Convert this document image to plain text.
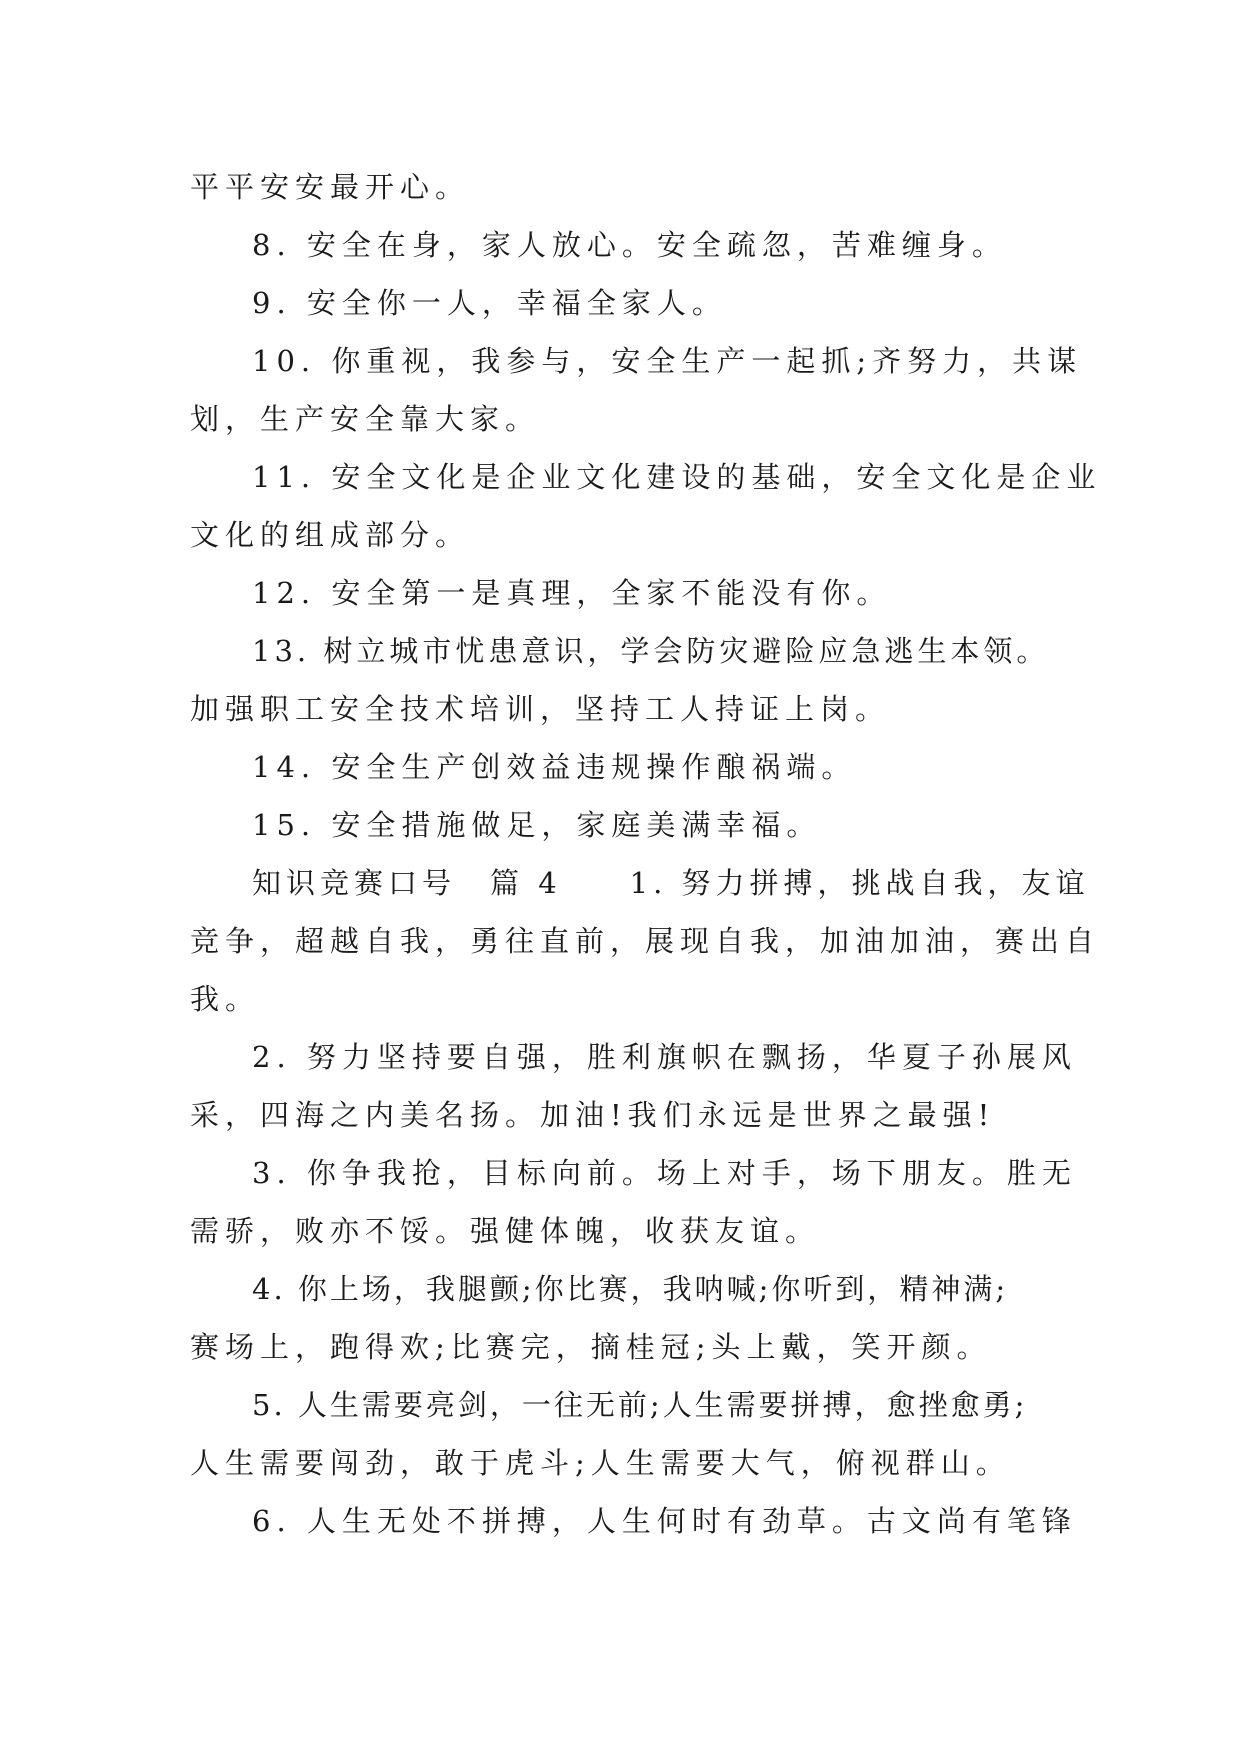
平平安安最开心。
8. 安全在身，家人放心。安全疏忽，苦难缠身。
9. 安全你一人，幸福全家人。
10. 你重视，我参与，安全生产一起抓;齐努力，共谋
划，生产安全靠大家。
11. 安全文化是企业文化建设的基础，安全文化是企业
文化的组成部分。
12. 安全第一是真理，全家不能没有你。
13. 树立城市忧患意识，学会防灾避险应急逃生本领。
加强职工安全技术培训，坚持工人持证上岗。
14. 安全生产创效益违规操作酿祸端。
15. 安全措施做足，家庭美满幸福。
知识竞赛口号　篇 4　　1. 努力拼搏，挑战自我，友谊
竞争，超越自我，勇往直前，展现自我，加油加油，赛出自
我。
2. 努力坚持要自强，胜利旗帜在飘扬，华夏子孙展风
采，四海之内美名扬。加油!我们永远是世界之最强!
3. 你争我抢，目标向前。场上对手，场下朋友。胜无
需骄，败亦不馁。强健体魄，收获友谊。
4. 你上场，我腿颤;你比赛，我呐喊;你听到，精神满;
赛场上，跑得欢;比赛完，摘桂冠;头上戴，笑开颜。
5. 人生需要亮剑，一往无前;人生需要拼搏，愈挫愈勇;
人生需要闯劲，敢于虎斗;人生需要大气，俯视群山。
6. 人生无处不拼搏，人生何时有劲草。古文尚有笔锋
